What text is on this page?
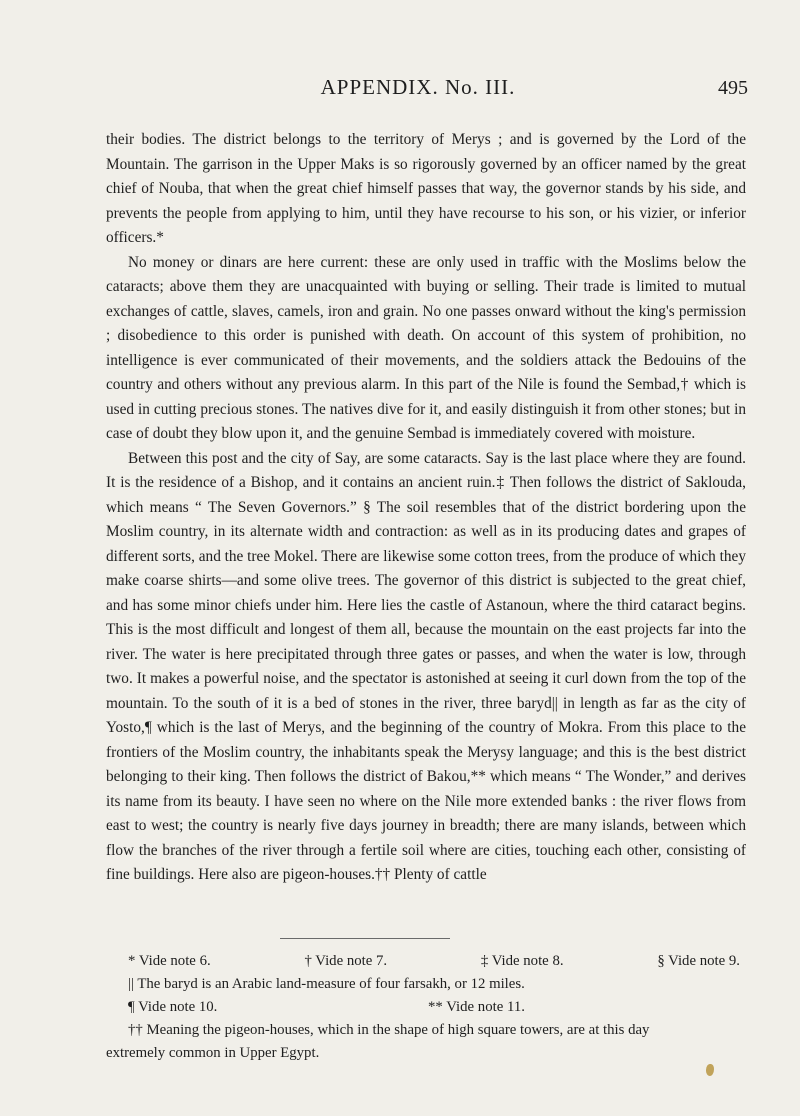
APPENDIX. No. III.	495

their bodies. The district belongs to the territory of Merys ; and is governed by the Lord of the Mountain. The garrison in the Upper Maks is so rigorously governed by an officer named by the great chief of Nouba, that when the great chief himself passes that way, the governor stands by his side, and prevents the people from applying to him, until they have recourse to his son, or his vizier, or inferior officers.*

No money or dinars are here current: these are only used in traffic with the Moslims below the cataracts; above them they are unacquainted with buying or selling. Their trade is limited to mutual exchanges of cattle, slaves, camels, iron and grain. No one passes onward without the king's permission ; disobedience to this order is punished with death. On account of this system of prohibition, no intelligence is ever communicated of their movements, and the soldiers attack the Bedouins of the country and others without any previous alarm. In this part of the Nile is found the Sembad,† which is used in cutting precious stones. The natives dive for it, and easily distinguish it from other stones; but in case of doubt they blow upon it, and the genuine Sembad is immediately covered with moisture.

Between this post and the city of Say, are some cataracts. Say is the last place where they are found. It is the residence of a Bishop, and it contains an ancient ruin.‡ Then follows the district of Saklouda, which means “ The Seven Governors.” § The soil resembles that of the district bordering upon the Moslim country, in its alternate width and contraction: as well as in its producing dates and grapes of different sorts, and the tree Mokel. There are likewise some cotton trees, from the produce of which they make coarse shirts—and some olive trees. The governor of this district is subjected to the great chief, and has some minor chiefs under him. Here lies the castle of Astanoun, where the third cataract begins. This is the most difficult and longest of them all, because the mountain on the east projects far into the river. The water is here precipitated through three gates or passes, and when the water is low, through two. It makes a powerful noise, and the spectator is astonished at seeing it curl down from the top of the mountain. To the south of it is a bed of stones in the river, three baryd|| in length as far as the city of Yosto,¶ which is the last of Merys, and the beginning of the country of Mokra. From this place to the frontiers of the Moslim country, the inhabitants speak the Merysy language; and this is the best district belonging to their king. Then follows the district of Bakou,** which means “ The Wonder,” and derives its name from its beauty. I have seen no where on the Nile more extended banks : the river flows from east to west; the country is nearly five days journey in breadth; there are many islands, between which flow the branches of the river through a fertile soil where are cities, touching each other, consisting of fine buildings. Here also are pigeon-houses.†† Plenty of cattle

* Vide note 6.	† Vide note 7.	‡ Vide note 8.	§ Vide note 9.
|| The baryd is an Arabic land-measure of four farsakh, or 12 miles.
¶ Vide note 10.	** Vide note 11.
†† Meaning the pigeon-houses, which in the shape of high square towers, are at this day
extremely common in Upper Egypt.
